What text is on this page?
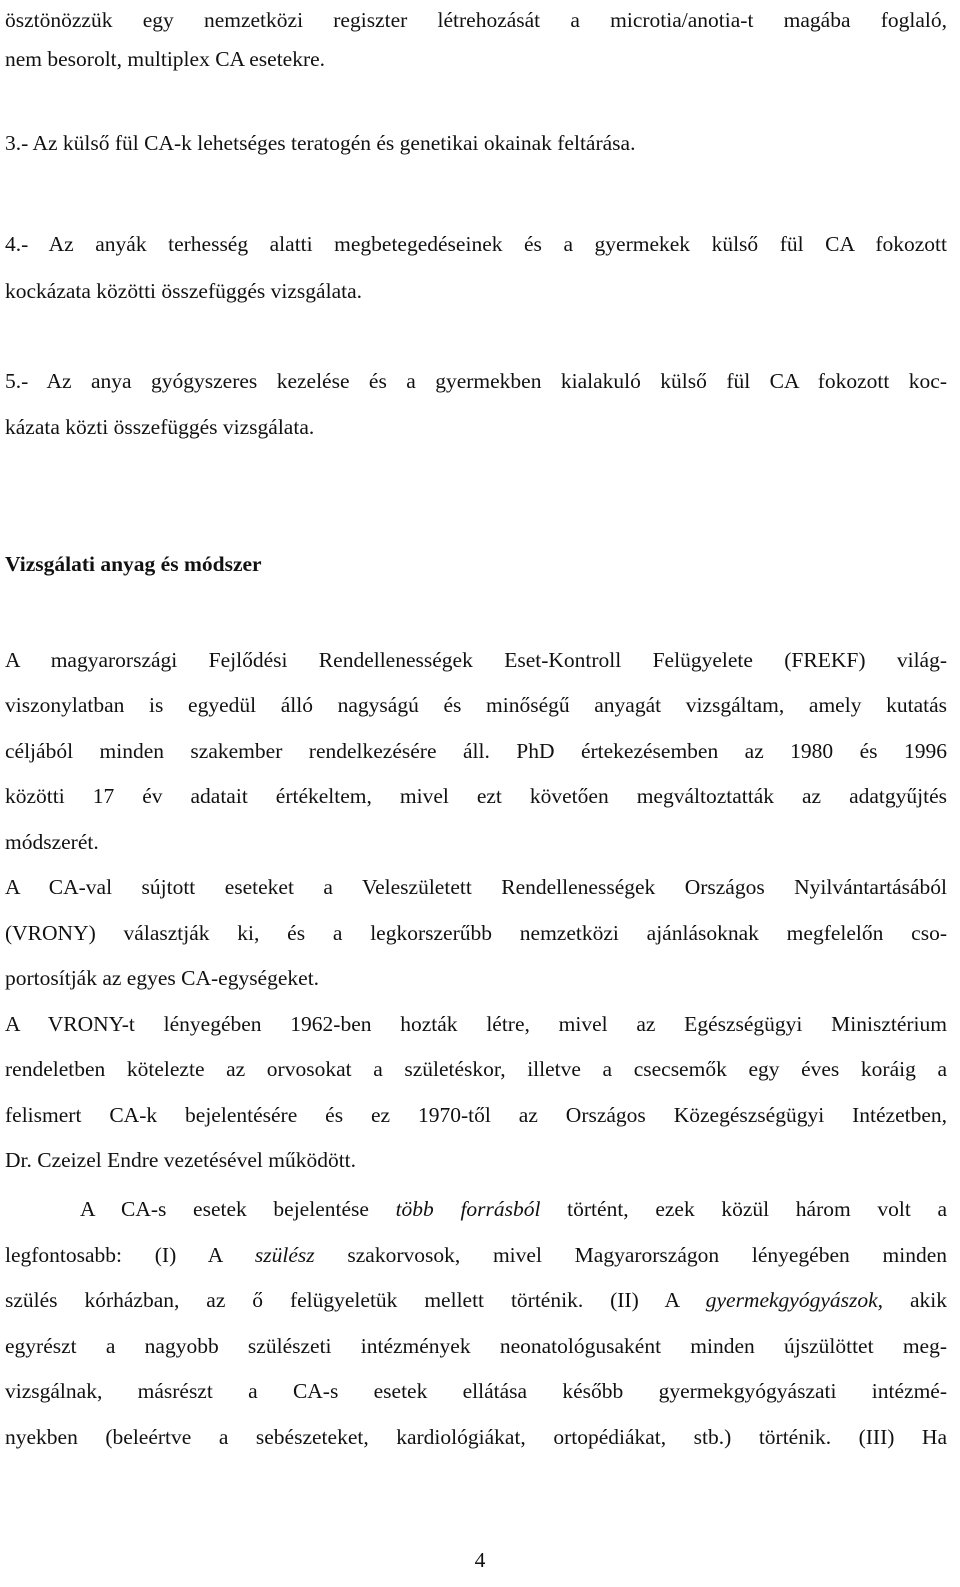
ösztönözzük egy nemzetközi regiszter létrehozását a microtia/anotia-t magába foglaló,
nem besorolt, multiplex CA esetekre.
3.- Az külső fül CA-k lehetséges teratogén és genetikai okainak feltárása.
4.- Az anyák terhesség alatti megbetegedéseinek és a gyermekek külső fül CA fokozott
kockázata közötti összefüggés vizsgálata.
5.- Az anya gyógyszeres kezelése és a gyermekben kialakuló külső fül CA fokozott koc-
kázata közti összefüggés vizsgálata.
Vizsgálati anyag és módszer
A magyarországi Fejlődési Rendellenességek Eset-Kontroll Felügyelete (FREKF) világ-
viszonylatban is egyedül álló nagyságú és minőségű anyagát vizsgáltam, amely kutatás
céljából minden szakember rendelkezésére áll. PhD értekezésemben az 1980 és 1996
közötti 17 év adatait értékeltem, mivel ezt követően megváltoztatták az adatgyűjtés
módszerét.
A CA-val sújtott eseteket a Veleszületett Rendellenességek Országos Nyilvántartásából
(VRONY) választják ki, és a legkorszerűbb nemzetközi ajánlásoknak megfelelőn cso-
portosítják az egyes CA-egységeket.
A VRONY-t lényegében 1962-ben hozták létre, mivel az Egészségügyi Minisztérium
rendeletben kötelezte az orvosokat a születéskor, illetve a csecsemők egy éves koráig a
felismert CA-k bejelentésére és ez 1970-től az Országos Közegészségügyi Intézetben,
Dr. Czeizel Endre vezetésével működött.
A CA-s esetek bejelentése több forrásból történt, ezek közül három volt a
legfontosabb: (I) A szülész szakorvosok, mivel Magyarországon lényegében minden
szülés kórházban, az ő felügyeletük mellett történik. (II) A gyermekgyógyászok, akik
egyrészt a nagyobb szülészeti intézmények neonatológusaként minden újszülöttet meg-
vizsgálnak, másrészt a CA-s esetek ellátása később gyermekgyógyászati intézmé-
nyekben (beleértve a sebészeteket, kardiológiákat, ortopédiákat, stb.) történik. (III) Ha
4
